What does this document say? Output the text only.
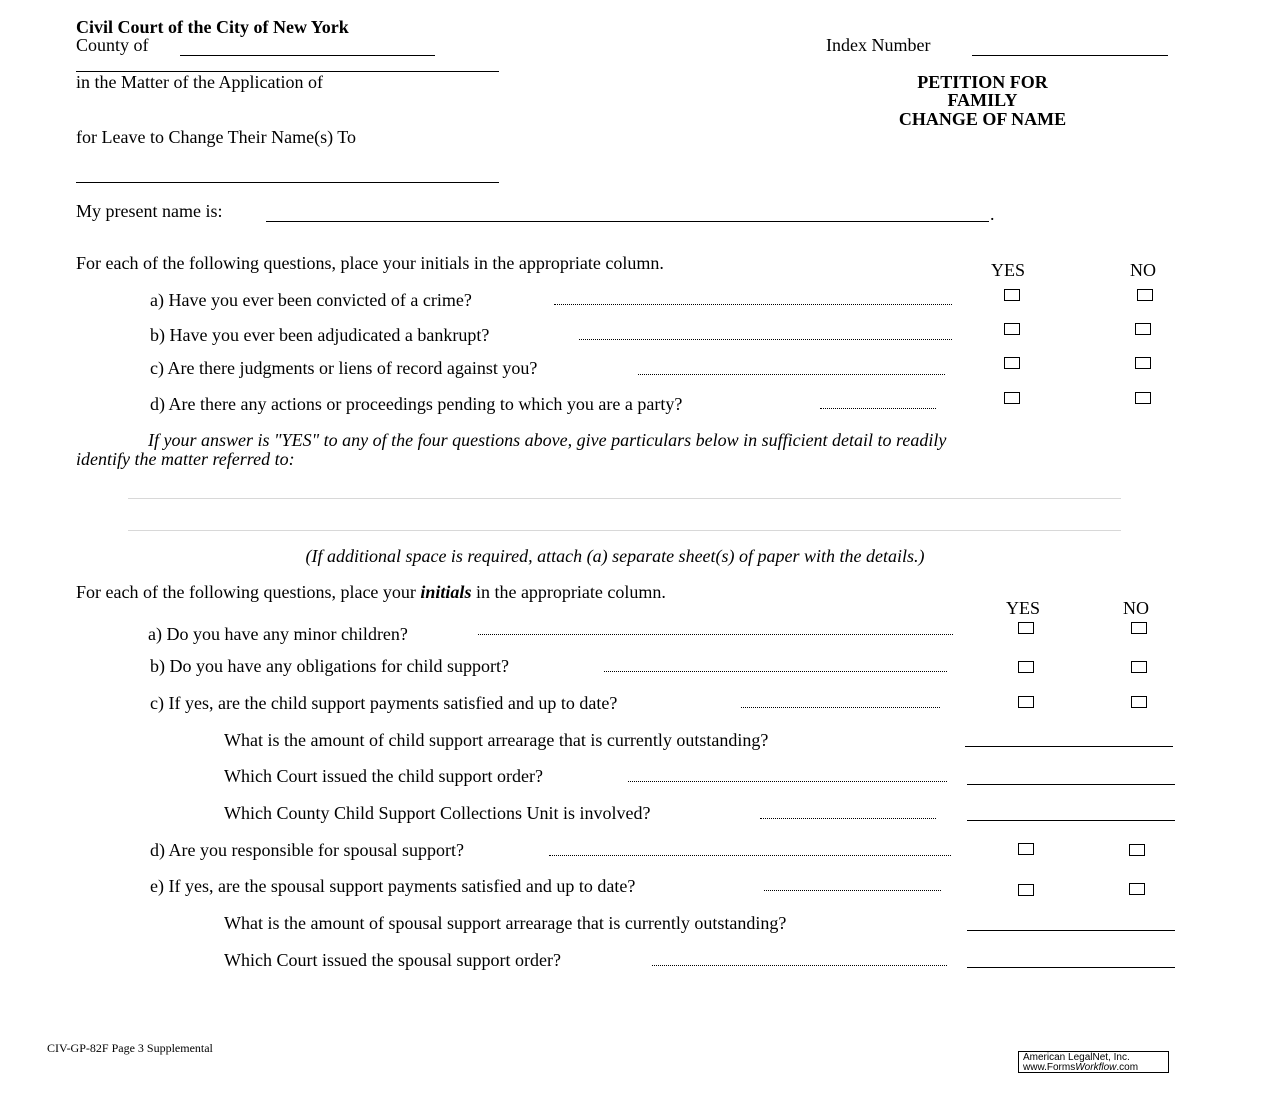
Civil Court of the City of New York
County of	Index Number
in the Matter of the Application of	PETITION FOR
FAMILY
CHANGE OF NAME
for Leave to Change Their Name(s) To
My present name is:	.
For each of the following questions, place your initials in the appropriate column.	YES	NO
a) Have you ever been convicted of a crime?
b) Have you ever been adjudicated a bankrupt?
c) Are there judgments or liens of record against you?
d) Are there any actions or proceedings pending to which you are a party?
If your answer is "YES" to any of the four questions above, give particulars below in sufficient detail to readily
identify the matter referred to:
(If additional space is required, attach (a) separate sheet(s) of paper with the details.)
For each of the following questions, place your initials in the appropriate column.
YES	NO
a) Do you have any minor children?
b) Do you have any obligations for child support?
c) If yes, are the child support payments satisfied and up to date?
What is the amount of child support arrearage that is currently outstanding?
Which Court issued the child support order?
Which County Child Support Collections Unit is involved?
d) Are you responsible for spousal support?
e) If yes, are the spousal support payments satisfied and up to date?
What is the amount of spousal support arrearage that is currently outstanding?
Which Court issued the spousal support order?
CIV-GP-82F Page 3 Supplemental
American LegalNet, Inc.
www.FormsWorkflow.com
